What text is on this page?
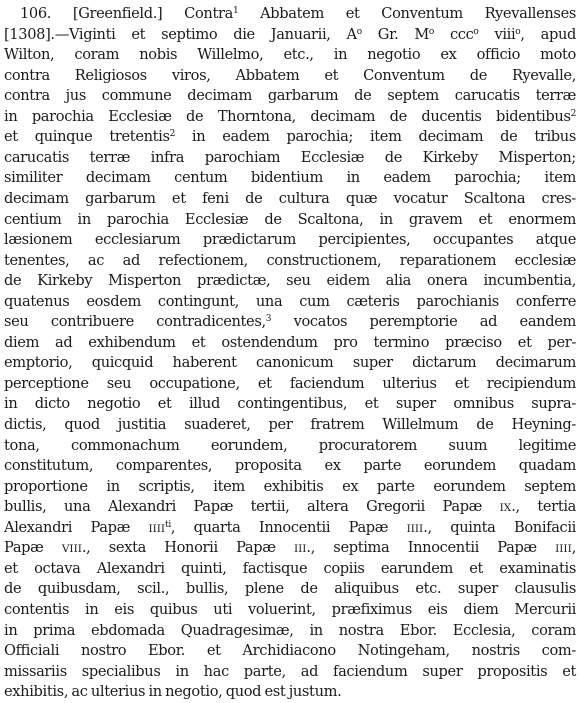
106. [Greenfield.] Contra$^1$ Abbatem et Conventum Ryevallenses
[1308].—Viginti et septimo die Januarii, $A^o$ Gr. $M^o$ ccc$^o$ viii$^o$, apud
Wilton, coram nobis Willelmo, etc., in negotio ex officio moto
contra Religiosos viros, Abbatem et Conventum de Ryevalle,
contra jus commune decimam garbarum de septem carucatis terræ
in parochia Ecclesiæ de Thorntona, decimam de ducentis bidentibus$^2$
et quinque tretentis$^2$ in eadem parochia; item decimam de tribus
carucatis terræ infra parochiam Ecclesiæ de Kirkeby Misperton;
similiter decimam centum bidentium in eadem parochia; item
decimam garbarum et feni de cultura quæ vocatur Scaltona cres-
centium in parochia Ecclesiæ de Scaltona, in gravem et enormem
læsionem ecclesiarum prædictarum percipientes, occupantes atque
tenentes, ac ad refectionem, constructionem, reparationem ecclesiæ
de Kirkeby Misperton prædictæ, seu eidem alia onera incumbentia,
quatenus eosdem contingunt, una cum cæteris parochianis conferre
seu contribuere contradicentes,$^3$ vocatos peremptorie ad eandem
diem ad exhibendum et ostendendum pro termino præciso et per-
emptorio, quicquid haberent canonicum super dictarum decimarum
perceptione seu occupatione, et faciendum ulterius et recipiendum
in dicto negotio et illud contingentibus, et super omnibus supra-
dictis, quod justitia suaderet, per fratrem Willelmum de Heyning-
tona, commonachum eorundem, procuratorem suum legitime
constitutum, comparentes, proposita ex parte eorundem quadam
proportione in scriptis, item exhibitis ex parte eorundem septem
bullis, una Alexandri Papæ tertii, altera Gregorii Papæ IX., tertia
Alexandri Papæ $IIII^{ti}$, quarta Innocentii Papæ IIII., quinta Bonifacii
Papæ VIII., sexta Honorii Papæ III., septima Innocentii Papæ IIII,
et octava Alexandri quinti, factisque copiis earundem et examinatis
de quibusdam, scil., bullis, plene de aliquibus etc. super clausulis
contentis in eis quibus uti voluerint, præfiximus eis diem Mercurii
in prima ebdomada Quadragesimæ, in nostra Ebor. Ecclesia, coram
Officiali nostro Ebor. et Archidiacono Notingeham, nostris com-
missariis specialibus in hac parte, ad faciendum super propositis et
exhibitis, ac ulterius in negotio, quod est justum.
